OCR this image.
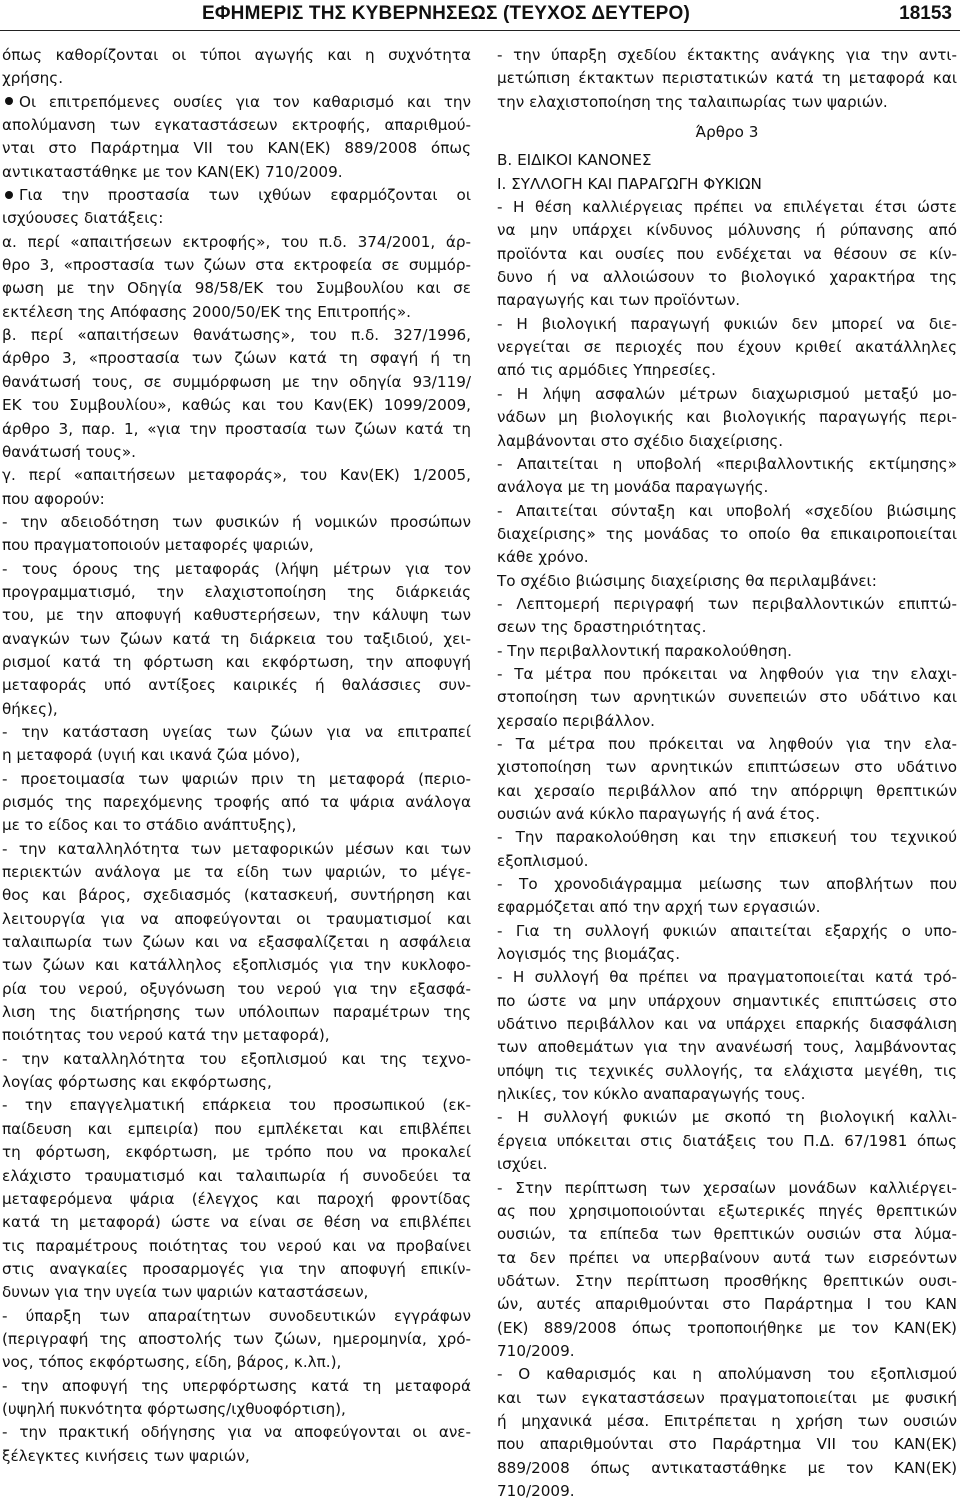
ΕΦΗΜΕΡΙΣ ΤΗΣ ΚΥΒΕΡΝΗΣΕΩΣ (ΤΕΥΧΟΣ ΔΕΥΤΕΡΟ)	18153
όπως καθορίζονται οι τύποι αγωγής και η συχνότητα
χρήσης.
Οι επιτρεπόμενες ουσίες για τον καθαρισμό και την
απολύμανση των εγκαταστάσεων εκτροφής, απαριθμού-
νται στο Παράρτημα VII του ΚΑΝ(ΕΚ) 889/2008 όπως
αντικαταστάθηκε με τον ΚΑΝ(ΕΚ) 710/2009.
Για την προστασία των ιχθύων εφαρμόζονται οι
ισχύουσες διατάξεις:
α. περί «απαιτήσεων εκτροφής», του π.δ. 374/2001, άρ-
θρο 3, «προστασία των ζώων στα εκτροφεία σε συμμόρ-
φωση με την Οδηγία 98/58/ΕΚ του Συμβουλίου και σε
εκτέλεση της Απόφασης 2000/50/ΕΚ της Επιτροπής».
β. περί «απαιτήσεων θανάτωσης», του π.δ. 327/1996,
άρθρο 3, «προστασία των ζώων κατά τη σφαγή ή τη
θανάτωσή τους, σε συμμόρφωση με την οδηγία 93/119/
ΕΚ του Συμβουλίου», καθώς και του Καν(ΕΚ) 1099/2009,
άρθρο 3, παρ. 1, «για την προστασία των ζώων κατά τη
θανάτωσή τους».
γ. περί «απαιτήσεων μεταφοράς», του Καν(ΕΚ) 1/2005,
που αφορούν:
- την αδειοδότηση των φυσικών ή νομικών προσώπων
που πραγματοποιούν μεταφορές ψαριών,
- τους όρους της μεταφοράς (λήψη μέτρων για τον
προγραμματισμό, την ελαχιστοποίηση της διάρκειάς
του, με την αποφυγή καθυστερήσεων, την κάλυψη των
αναγκών των ζώων κατά τη διάρκεια του ταξιδιού, χει-
ρισμοί κατά τη φόρτωση και εκφόρτωση, την αποφυγή
μεταφοράς υπό αντίξοες καιρικές ή θαλάσσιες συν-
θήκες),
- την κατάσταση υγείας των ζώων για να επιτραπεί
η μεταφορά (υγιή και ικανά ζώα μόνο),
- προετοιμασία των ψαριών πριν τη μεταφορά (περιο-
ρισμός της παρεχόμενης τροφής από τα ψάρια ανάλογα
με το είδος και το στάδιο ανάπτυξης),
- την καταλληλότητα των μεταφορικών μέσων και των
περιεκτών ανάλογα με τα είδη των ψαριών, το μέγε-
θος και βάρος, σχεδιασμός (κατασκευή, συντήρηση και
λειτουργία για να αποφεύγονται οι τραυματισμοί και
ταλαιπωρία των ζώων και να εξασφαλίζεται η ασφάλεια
των ζώων και κατάλληλος εξοπλισμός για την κυκλοφο-
ρία του νερού, οξυγόνωση του νερού για την εξασφά-
λιση της διατήρησης των υπόλοιπων παραμέτρων της
ποιότητας του νερού κατά την μεταφορά),
- την καταλληλότητα του εξοπλισμού και της τεχνο-
λογίας φόρτωσης και εκφόρτωσης,
- την επαγγελματική επάρκεια του προσωπικού (εκ-
παίδευση και εμπειρία) που εμπλέκεται και επιβλέπει
τη φόρτωση, εκφόρτωση, με τρόπο που να προκαλεί
ελάχιστο τραυματισμό και ταλαιπωρία ή συνοδεύει τα
μεταφερόμενα ψάρια (έλεγχος και παροχή φροντίδας
κατά τη μεταφορά) ώστε να είναι σε θέση να επιβλέπει
τις παραμέτρους ποιότητας του νερού και να προβαίνει
στις αναγκαίες προσαρμογές για την αποφυγή επικίν-
δυνων για την υγεία των ψαριών καταστάσεων,
- ύπαρξη των απαραίτητων συνοδευτικών εγγράφων
(περιγραφή της αποστολής των ζώων, ημερομηνία, χρό-
νος, τόπος εκφόρτωσης, είδη, βάρος, κ.λπ.),
- την αποφυγή της υπερφόρτωσης κατά τη μεταφορά
(υψηλή πυκνότητα φόρτωσης/ιχθυοφόρτιση),
- την πρακτική οδήγησης για να αποφεύγονται οι ανε-
ξέλεγκτες κινήσεις των ψαριών,
- την ύπαρξη σχεδίου έκτακτης ανάγκης για την αντι-
μετώπιση έκτακτων περιστατικών κατά τη μεταφορά και
την ελαχιστοποίηση της ταλαιπωρίας των ψαριών.
Άρθρο 3
Β. ΕΙΔΙΚΟΙ ΚΑΝΟΝΕΣ
Ι. ΣΥΛΛΟΓΗ ΚΑΙ ΠΑΡΑΓΩΓΗ ΦΥΚΙΩΝ
- Η θέση καλλιέργειας πρέπει να επιλέγεται έτσι ώστε
να μην υπάρχει κίνδυνος μόλυνσης ή ρύπανσης από
προϊόντα και ουσίες που ενδέχεται να θέσουν σε κίν-
δυνο ή να αλλοιώσουν το βιολογικό χαρακτήρα της
παραγωγής και των προϊόντων.
- Η βιολογική παραγωγή φυκιών δεν μπορεί να διε-
νεργείται σε περιοχές που έχουν κριθεί ακατάλληλες
από τις αρμόδιες Υπηρεσίες.
- Η λήψη ασφαλών μέτρων διαχωρισμού μεταξύ μο-
νάδων μη βιολογικής και βιολογικής παραγωγής περι-
λαμβάνονται στο σχέδιο διαχείρισης.
- Απαιτείται η υποβολή «περιβαλλοντικής εκτίμησης»
ανάλογα με τη μονάδα παραγωγής.
- Απαιτείται σύνταξη και υποβολή «σχεδίου βιώσιμης
διαχείρισης» της μονάδας το οποίο θα επικαιροποιείται
κάθε χρόνο.
Το σχέδιο βιώσιμης διαχείρισης θα περιλαμβάνει:
- Λεπτομερή περιγραφή των περιβαλλοντικών επιπτώ-
σεων της δραστηριότητας.
- Την περιβαλλοντική παρακολούθηση.
- Τα μέτρα που πρόκειται να ληφθούν για την ελαχι-
στοποίηση των αρνητικών συνεπειών στο υδάτινο και
χερσαίο περιβάλλον.
- Τα μέτρα που πρόκειται να ληφθούν για την ελα-
χιστοποίηση των αρνητικών επιπτώσεων στο υδάτινο
και χερσαίο περιβάλλον από την απόρριψη θρεπτικών
ουσιών ανά κύκλο παραγωγής ή ανά έτος.
- Την παρακολούθηση και την επισκευή του τεχνικού
εξοπλισμού.
- Το χρονοδιάγραμμα μείωσης των αποβλήτων που
εφαρμόζεται από την αρχή των εργασιών.
- Για τη συλλογή φυκιών απαιτείται εξαρχής ο υπο-
λογισμός της βιομάζας.
- Η συλλογή θα πρέπει να πραγματοποιείται κατά τρό-
πο ώστε να μην υπάρχουν σημαντικές επιπτώσεις στο
υδάτινο περιβάλλον και να υπάρχει επαρκής διασφάλιση
των αποθεμάτων για την ανανέωσή τους, λαμβάνοντας
υπόψη τις τεχνικές συλλογής, τα ελάχιστα μεγέθη, τις
ηλικίες, τον κύκλο αναπαραγωγής τους.
- Η συλλογή φυκιών με σκοπό τη βιολογική καλλι-
έργεια υπόκειται στις διατάξεις του Π.Δ. 67/1981 όπως
ισχύει.
- Στην περίπτωση των χερσαίων μονάδων καλλιέργει-
ας που χρησιμοποιούνται εξωτερικές πηγές θρεπτικών
ουσιών, τα επίπεδα των θρεπτικών ουσιών στα λύμα-
τα δεν πρέπει να υπερβαίνουν αυτά των εισρεόντων
υδάτων. Στην περίπτωση προσθήκης θρεπτικών ουσι-
ών, αυτές απαριθμούνται στο Παράρτημα Ι του ΚΑΝ
(ΕΚ) 889/2008 όπως τροποποιήθηκε με τον ΚΑΝ(ΕΚ)
710/2009.
- Ο καθαρισμός και η απολύμανση του εξοπλισμού
και των εγκαταστάσεων πραγματοποιείται με φυσική
ή μηχανικά μέσα. Επιτρέπεται η χρήση των ουσιών
που απαριθμούνται στο Παράρτημα VII του ΚΑΝ(ΕΚ)
889/2008 όπως αντικαταστάθηκε με τον ΚΑΝ(ΕΚ)
710/2009.
